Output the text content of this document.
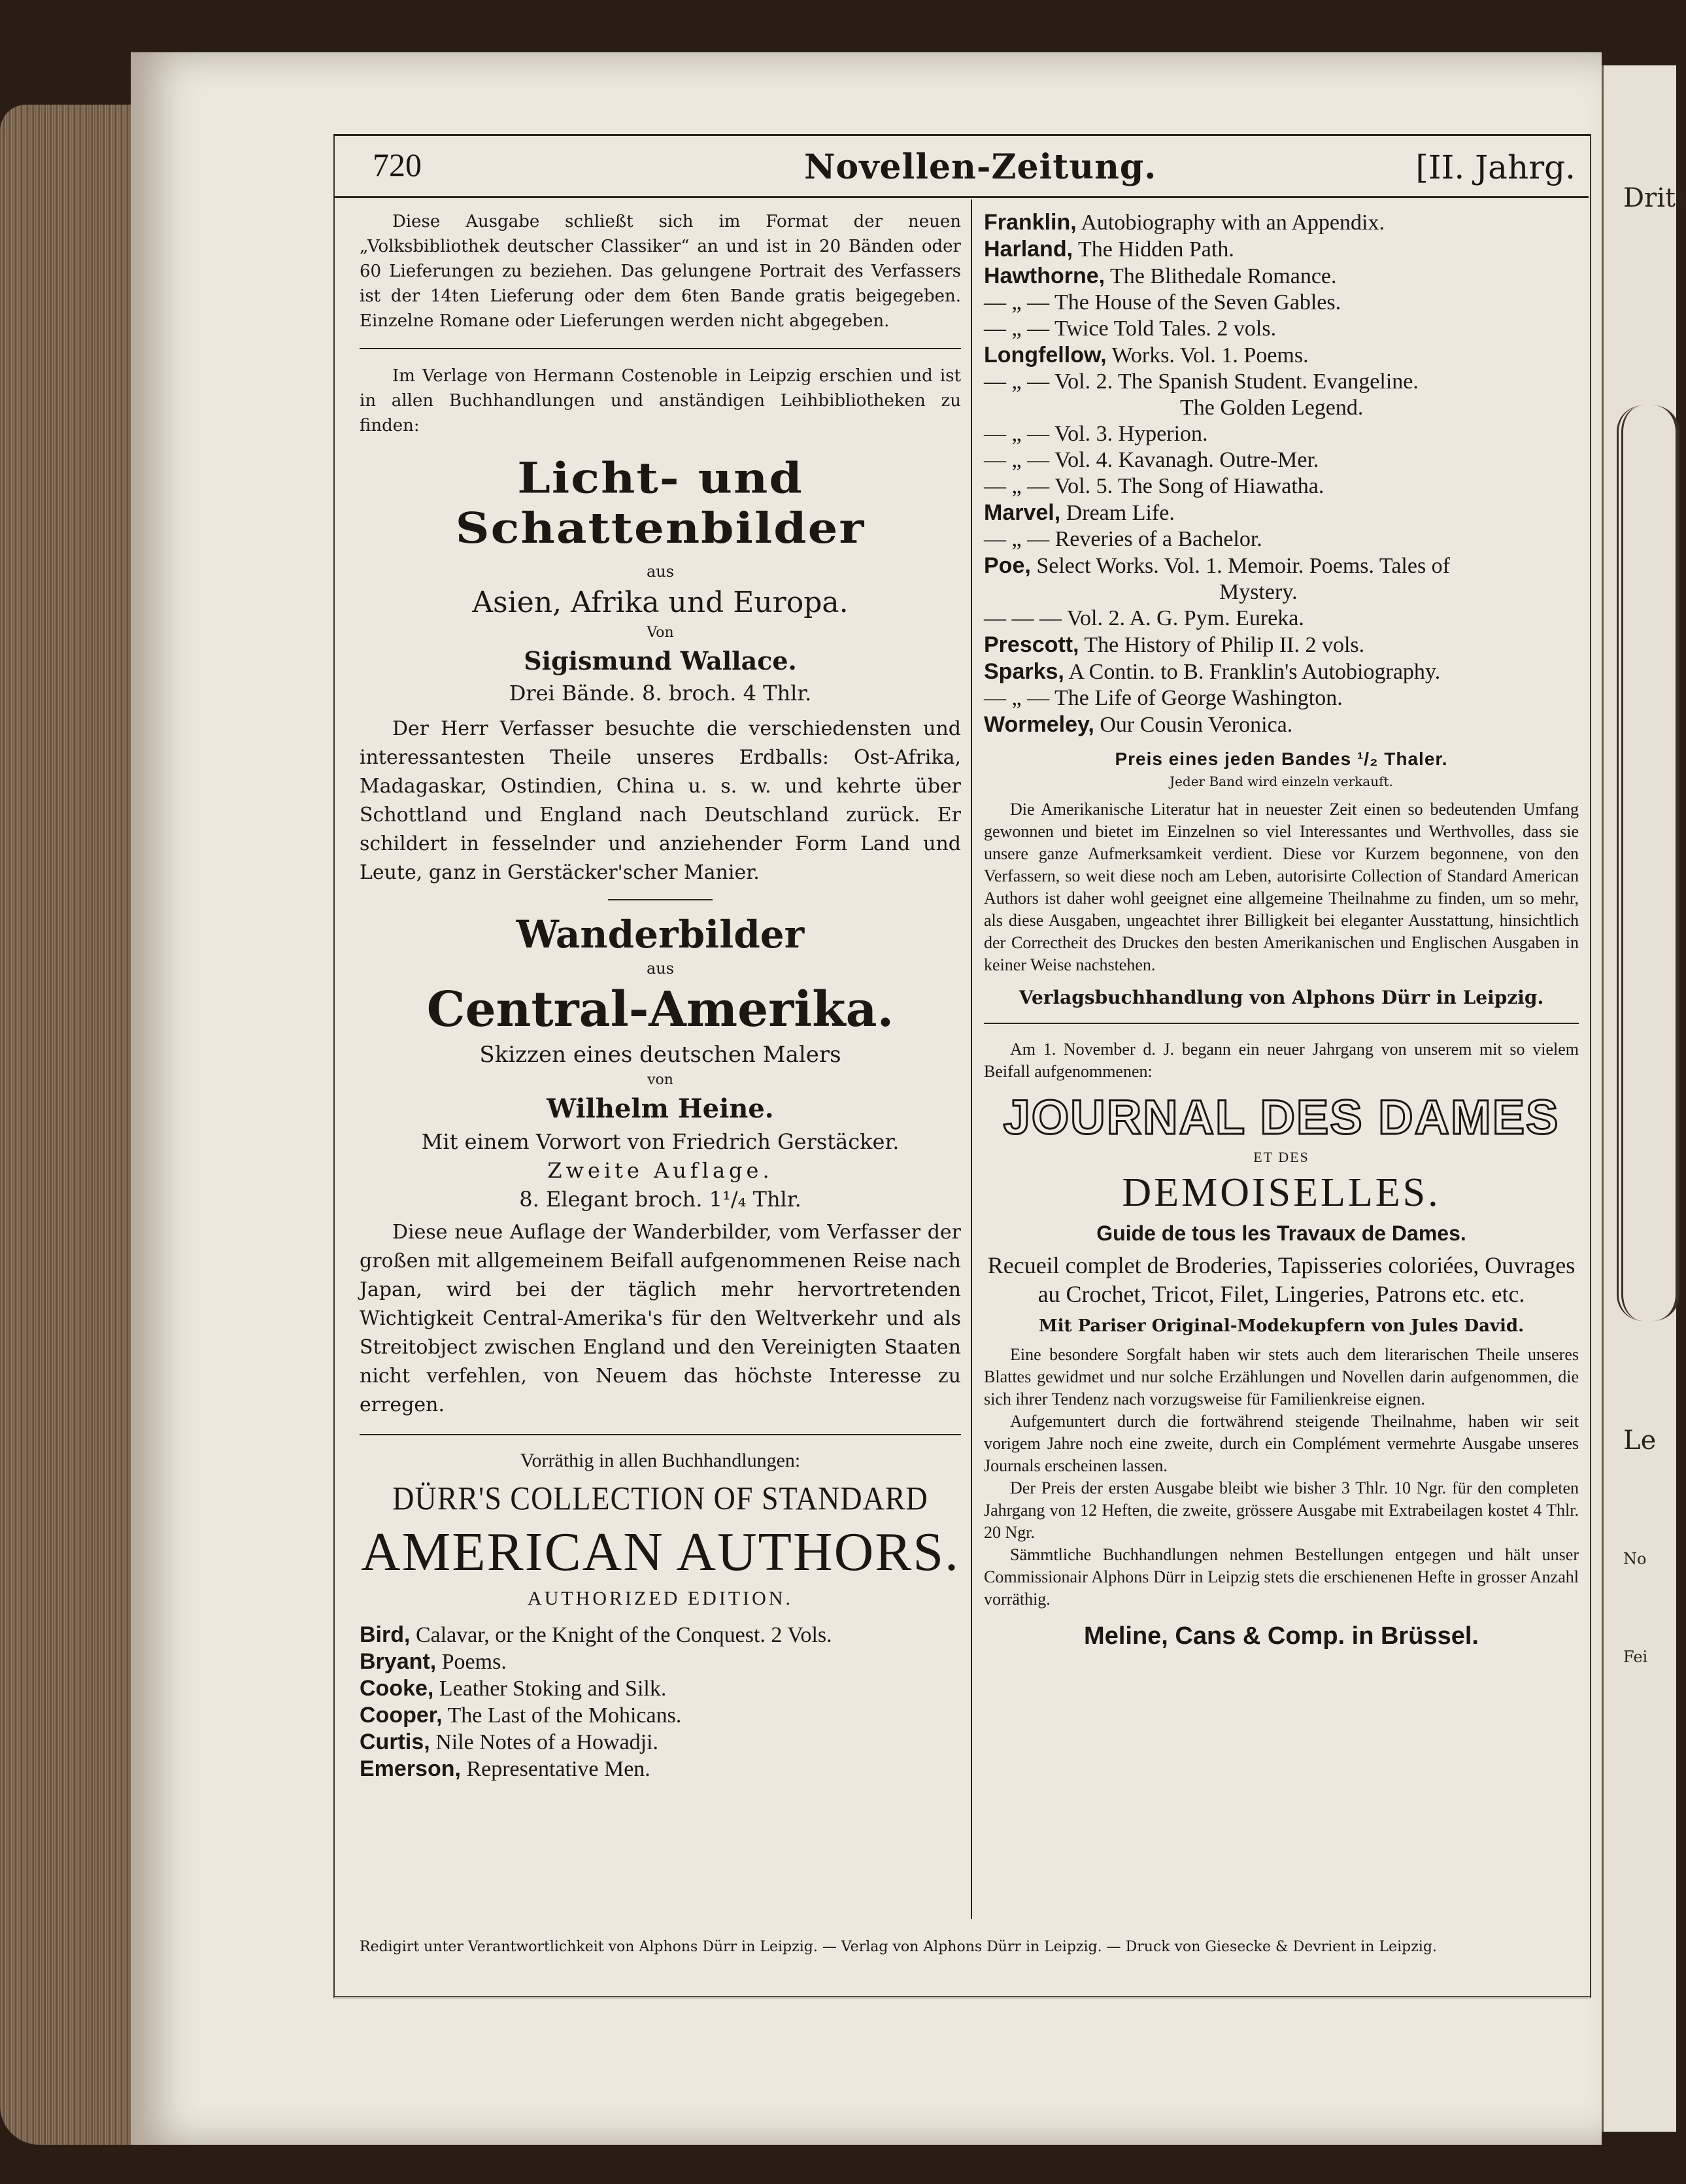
Dritt
Le
No
Fei
720	Novellen-Zeitung.	[II. Jahrg.

Diese Ausgabe schließt sich im Format der neuen „Volksbibliothek deutscher Classiker“ an und ist in 20 Bänden oder 60 Lieferungen zu beziehen. Das gelungene Portrait des Verfassers ist der 14ten Lieferung oder dem 6ten Bande gratis beigegeben. Einzelne Romane oder Lieferungen werden nicht abgegeben.

Im Verlage von Hermann Costenoble in Leipzig erschien und ist in allen Buchhandlungen und anständigen Leihbibliotheken zu finden:

Licht- und Schattenbilder
aus
Asien, Afrika und Europa.
Von
Sigismund Wallace.
Drei Bände. 8. broch. 4 Thlr.

Der Herr Verfasser besuchte die verschiedensten und interessantesten Theile unseres Erdballs: Ost-Afrika, Madagaskar, Ostindien, China u. s. w. und kehrte über Schottland und England nach Deutschland zurück. Er schildert in fesselnder und anziehender Form Land und Leute, ganz in Gerstäcker'scher Manier.

Wanderbilder
aus
Central-Amerika.
Skizzen eines deutschen Malers
von
Wilhelm Heine.
Mit einem Vorwort von Friedrich Gerstäcker.
Zweite Auflage.
8. Elegant broch. 1¹/₄ Thlr.

Diese neue Auflage der Wanderbilder, vom Verfasser der großen mit allgemeinem Beifall aufgenommenen Reise nach Japan, wird bei der täglich mehr hervortretenden Wichtigkeit Central-Amerika's für den Weltverkehr und als Streitobject zwischen England und den Vereinigten Staaten nicht verfehlen, von Neuem das höchste Interesse zu erregen.

Vorräthig in allen Buchhandlungen:
DÜRR'S COLLECTION OF STANDARD
AMERICAN AUTHORS.
AUTHORIZED EDITION.
Bird, Calavar, or the Knight of the Conquest. 2 Vols.
Bryant, Poems.
Cooke, Leather Stoking and Silk.
Cooper, The Last of the Mohicans.
Curtis, Nile Notes of a Howadji.
Emerson, Representative Men.
Franklin, Autobiography with an Appendix.
Harland, The Hidden Path.
Hawthorne, The Blithedale Romance.
— „ — The House of the Seven Gables.
— „ — Twice Told Tales. 2 vols.
Longfellow, Works. Vol. 1. Poems.
— „ — Vol. 2. The Spanish Student. Evangeline.
The Golden Legend.
— „ — Vol. 3. Hyperion.
— „ — Vol. 4. Kavanagh. Outre-Mer.
— „ — Vol. 5. The Song of Hiawatha.
Marvel, Dream Life.
— „ — Reveries of a Bachelor.
Poe, Select Works. Vol. 1. Memoir. Poems. Tales of
Mystery.
— — — Vol. 2. A. G. Pym. Eureka.
Prescott, The History of Philip II. 2 vols.
Sparks, A Contin. to B. Franklin's Autobiography.
— „ — The Life of George Washington.
Wormeley, Our Cousin Veronica.
Preis eines jeden Bandes ¹/₂ Thaler.
Jeder Band wird einzeln verkauft.

Die Amerikanische Literatur hat in neuester Zeit einen so bedeutenden Umfang gewonnen und bietet im Einzelnen so viel Interessantes und Werthvolles, dass sie unsere ganze Aufmerksamkeit verdient. Diese vor Kurzem begonnene, von den Verfassern, so weit diese noch am Leben, autorisirte Collection of Standard American Authors ist daher wohl geeignet eine allgemeine Theilnahme zu finden, um so mehr, als diese Ausgaben, ungeachtet ihrer Billigkeit bei eleganter Ausstattung, hinsichtlich der Correctheit des Druckes den besten Amerikanischen und Englischen Ausgaben in keiner Weise nachstehen.

Verlagsbuchhandlung von Alphons Dürr in Leipzig.

Am 1. November d. J. begann ein neuer Jahrgang von unserem mit so vielem Beifall aufgenommenen:

JOURNAL DES DAMES
ET DES
DEMOISELLES.
Guide de tous les Travaux de Dames.
Recueil complet de Broderies, Tapisseries coloriées, Ouvrages au Crochet, Tricot, Filet, Lingeries, Patrons etc. etc.
Mit Pariser Original-Modekupfern von Jules David.

Eine besondere Sorgfalt haben wir stets auch dem literarischen Theile unseres Blattes gewidmet und nur solche Erzählungen und Novellen darin aufgenommen, die sich ihrer Tendenz nach vorzugsweise für Familienkreise eignen.

Aufgemuntert durch die fortwährend steigende Theilnahme, haben wir seit vorigem Jahre noch eine zweite, durch ein Complément vermehrte Ausgabe unseres Journals erscheinen lassen.

Der Preis der ersten Ausgabe bleibt wie bisher 3 Thlr. 10 Ngr. für den completen Jahrgang von 12 Heften, die zweite, grössere Ausgabe mit Extrabeilagen kostet 4 Thlr. 20 Ngr.

Sämmtliche Buchhandlungen nehmen Bestellungen entgegen und hält unser Commissionair Alphons Dürr in Leipzig stets die erschienenen Hefte in grosser Anzahl vorräthig.

Meline, Cans & Comp. in Brüssel.
Redigirt unter Verantwortlichkeit von Alphons Dürr in Leipzig. — Verlag von Alphons Dürr in Leipzig. — Druck von Giesecke & Devrient in Leipzig.
